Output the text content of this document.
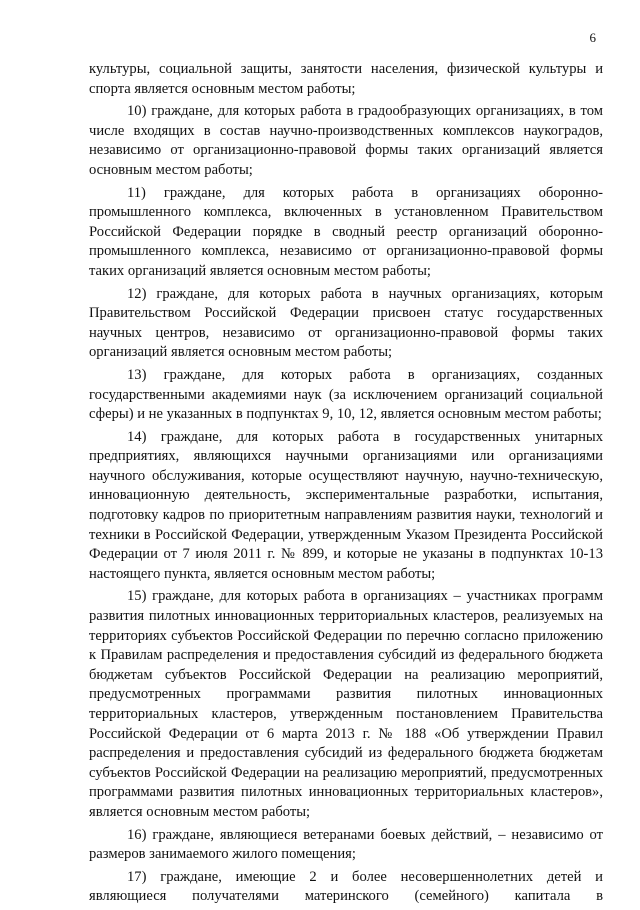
6

культуры, социальной защиты, занятости населения, физической культуры и спорта является основным местом работы;

10) граждане, для которых работа в градообразующих организациях, в том числе входящих в состав научно-производственных комплексов наукоградов, независимо от организационно-правовой формы таких организаций является основным местом работы;

11) граждане, для которых работа в организациях оборонно-промышленного комплекса, включенных в установленном Правительством Российской Федерации порядке в сводный реестр организаций оборонно-промышленного комплекса, независимо от организационно-правовой формы таких организаций является основным местом работы;

12) граждане, для которых работа в научных организациях, которым Правительством Российской Федерации присвоен статус государственных научных центров, независимо от организационно-правовой формы таких организаций является основным местом работы;

13) граждане, для которых работа в организациях, созданных государственными академиями наук (за исключением организаций социальной сферы) и не указанных в подпунктах 9, 10, 12, является основным местом работы;

14) граждане, для которых работа в государственных унитарных предприятиях, являющихся научными организациями или организациями научного обслуживания, которые осуществляют научную, научно-техническую, инновационную деятельность, экспериментальные разработки, испытания, подготовку кадров по приоритетным направлениям развития науки, технологий и техники в Российской Федерации, утвержденным Указом Президента Российской Федерации от 7 июля 2011 г. № 899, и которые не указаны в подпунктах 10-13 настоящего пункта, является основным местом работы;

15) граждане, для которых работа в организациях – участниках программ развития пилотных инновационных территориальных кластеров, реализуемых на территориях субъектов Российской Федерации по перечню согласно приложению к Правилам распределения и предоставления субсидий из федерального бюджета бюджетам субъектов Российской Федерации на реализацию мероприятий, предусмотренных программами развития пилотных инновационных территориальных кластеров, утвержденным постановлением Правительства Российской Федерации от 6 марта 2013 г. № 188 «Об утверждении Правил распределения и предоставления субсидий из федерального бюджета бюджетам субъектов Российской Федерации на реализацию мероприятий, предусмотренных программами развития пилотных инновационных территориальных кластеров», является основным местом работы;

16) граждане, являющиеся ветеранами боевых действий, – независимо от размеров занимаемого жилого помещения;

17) граждане, имеющие 2 и более несовершеннолетних детей и являющиеся получателями материнского (семейного) капитала в
